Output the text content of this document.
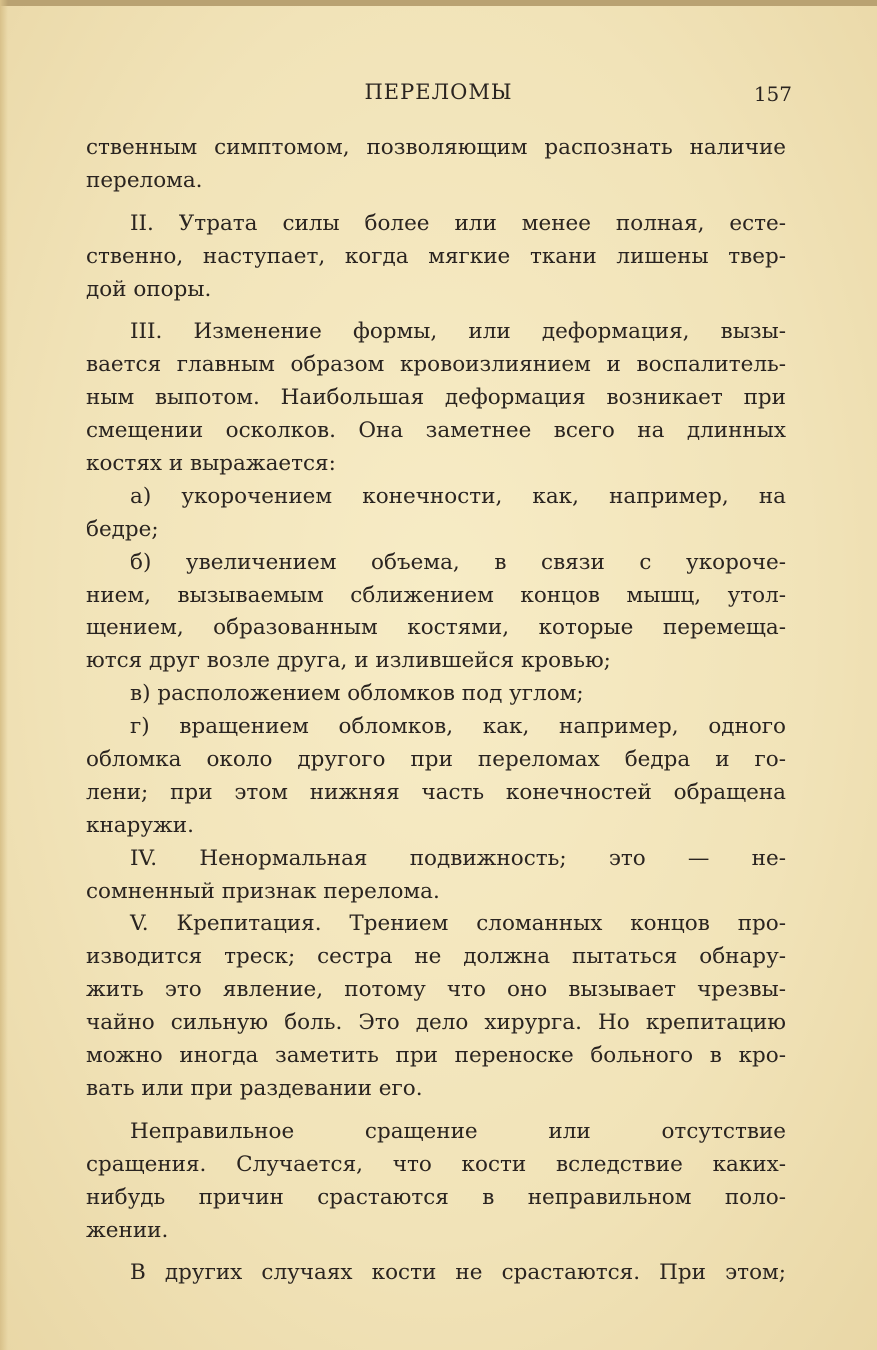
ПЕРЕЛОМЫ	157
ственным симптомом, позволяющим распознать наличие
перелома.
II. Утрата силы более или менее полная, есте-
ственно, наступает, когда мягкие ткани лишены твер-
дой опоры.
III. Изменение формы, или деформация, вызы-
вается главным образом кровоизлиянием и воспалитель-
ным выпотом. Наибольшая деформация возникает при
смещении осколков. Она заметнее всего на длинных
костях и выражается:
а) укорочением конечности, как, например, на
бедре;
б) увеличением объема, в связи с укороче-
нием, вызываемым сближением концов мышц, утол-
щением, образованным костями, которые перемеща-
ются друг возле друга, и излившейся кровью;
в) расположением обломков под углом;
г) вращением обломков, как, например, одного
обломка около другого при переломах бедра и го-
лени; при этом нижняя часть конечностей обращена
кнаружи.
IV. Ненормальная подвижность; это — не-
сомненный признак перелома.
V. Крепитация. Трением сломанных концов про-
изводится треск; сестра не должна пытаться обнару-
жить это явление, потому что оно вызывает чрезвы-
чайно сильную боль. Это дело хирурга. Но крепитацию
можно иногда заметить при переноске больного в кро-
вать или при раздевании его.
Неправильное сращение или отсутствие
сращения. Случается, что кости вследствие каких-
нибудь причин срастаются в неправильном поло-
жении.
В других случаях кости не срастаются. При этом;
